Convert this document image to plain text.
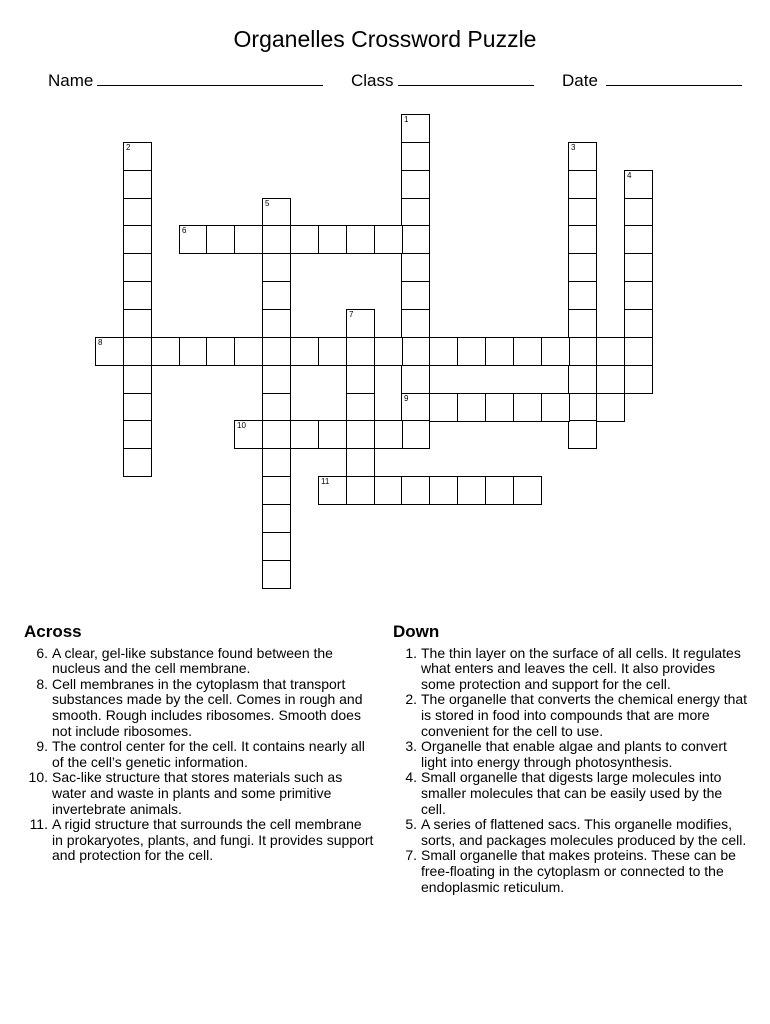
Organelles Crossword Puzzle
Name	Class	Date
1
9
2	3
4
5
6
7
8
10
11
Across
6. A clear, gel-like substance found between the nucleus and the cell membrane.
8. Cell membranes in the cytoplasm that transport substances made by the cell. Comes in rough and smooth. Rough includes ribosomes. Smooth does not include ribosomes.
9. The control center for the cell. It contains nearly all of the cell’s genetic information.
10. Sac-like structure that stores materials such as water and waste in plants and some primitive invertebrate animals.
11. A rigid structure that surrounds the cell membrane in prokaryotes, plants, and fungi. It provides support and protection for the cell.
Down
1. The thin layer on the surface of all cells. It regulates what enters and leaves the cell. It also provides some protection and support for the cell.
2. The organelle that converts the chemical energy that is stored in food into compounds that are more convenient for the cell to use.
3. Organelle that enable algae and plants to convert light into energy through photosynthesis.
4. Small organelle that digests large molecules into smaller molecules that can be easily used by the cell.
5. A series of flattened sacs. This organelle modifies, sorts, and packages molecules produced by the cell.
7. Small organelle that makes proteins. These can be free-floating in the cytoplasm or connected to the endoplasmic reticulum.
